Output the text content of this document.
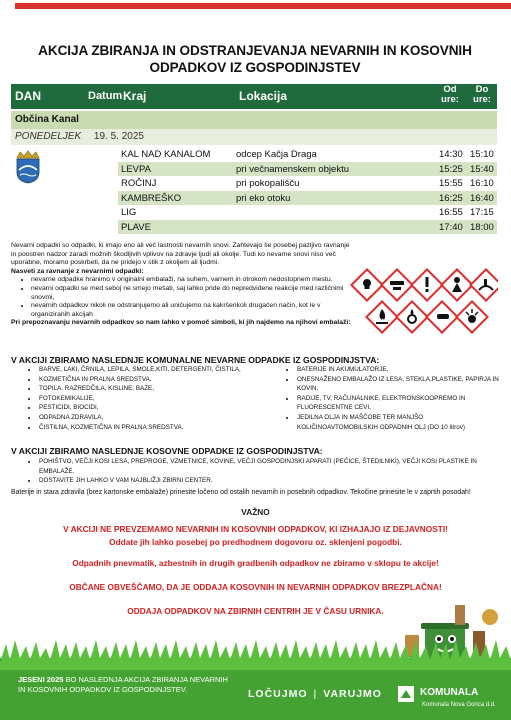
AKCIJA ZBIRANJA IN ODSTRANJEVANJA NEVARNIH IN KOSOVNIH
ODPADKOV IZ GOSPODINJSTEV
DAN	Datum Kraj	Lokacija	Od
ure:
Do
ure:
Občina Kanal
PONEDELJEK 19. 5. 2025
KAL NAD KANALOM	odcep Kačja Draga	14:30 15:10
LEVPA	pri večnamenskem objektu	15:25 15:40
ROČINJ	pri pokopališču	15:55 16:10
KAMBREŠKO	pri eko otoku	16:25 16:40
LIG	16:55 17:15
PLAVE	17:40 18:00

Nevarni odpadki so odpadki, ki imajo eno ali več lastnosti nevarnih snovi. Zahtevajo še posebej pazljivo ravnanje in poostren nadzor zaradi možnih škodljivih vplivov na zdravje ljudi ali okolje. Tudi ko nevarne snovi niso več uporabne, moramo poskrbeti, da ne pridejo v stik z okoljem ali ljudmi.

Nasveti za ravnanje z nevarnimi odpadki:

• nevarne odpadke hranimo v originalni embalaži, na suhem, varnem in otrokom nedostopnem mestu.
• nevarni odpadki se med seboj ne smejo mešati, saj lahko pride do nepredvidene reakcije med različnimi snovmi,
• nevarnih odpadkov nikoli ne odstranjujemo ali uničujemo na kakršenkoli drugačen način, kot le v organiziranih akcijah

Pri prepoznavanju nevarnih odpadkov so nam lahko v pomoč simboli, ki jih najdemo na njihovi embalaži:

V AKCIJI ZBIRAMO NASLEDNJE KOMUNALNE NEVARNE ODPADKE IZ GOSPODINJSTVA:
• BARVE, LAKI, ČRNILA, LEPILA, SMOLE,KITI, DETERGENTI, ČISTILA,
• KOZMETIČNA IN PRALNA SREDSTVA,
• TOPILA, RAZREDČILA, KISLINE, BAZE,
• FOTOKEMIKALIJE,
• PESTICIDI, BIOCIDI,
• ODPADNA ZDRAVILA,
• ČISTILNA, KOZMETIČNA IN PRALNA SREDSTVA,
• BATERIJE IN AKUMULATORJE,
• ONESNAŽENO EMBALAŽO IZ LESA, STEKLA,PLASTIKE, PAPIRJA IN KOVIN,
• RADIJE, TV, RAČUNALNIKE, ELEKTRONSKOOPREMO IN FLUORESCENTNE CEVI,
• JEDILNA OLJA IN MAŠČOBE TER MANJŠO KOLIČINOAVTOMOBILSKIH ODPADNIH OLJ (DO 10 litrov)
V AKCIJI ZBIRAMO NASLEDNJE KOSOVNE ODPADKE IZ GOSPODINJSTVA:
• POHIŠTVO, VEČJI KOSI LESA, PREPROGE, VZMETNICE, KOVINE, VEČJI GOSPODINJSKI APARATI (PEČICE, ŠTEDILNIKI), VEČJI KOSI PLASTIKE IN EMBALAŽE.
• DOSTAVITE JIH LAHKO V VAM NAJBLIŽJI ZBIRNI CENTER.
Baterije in stara zdravila (brez kartonske embalaže) prinesite ločeno od ostalih nevarnih in posebnih odpadkov. Tekočine prinesite le v zaprtih posodah!
VAŽNO
V AKCIJI NE PREVZEMAMO NEVARNIH IN KOSOVNIH ODPADKOV, KI IZHAJAJO IZ DEJAVNOSTI!
Oddate jih lahko posebej po predhodnem dogovoru oz. sklenjeni pogodbi.
Odpadnih pnevmatik, azbestnih in drugih gradbenih odpadkov ne zbiramo v sklopu te akcije!
OBČANE OBVEŠČAMO, DA JE ODDAJA KOSOVNIH IN NEVARNIH ODPADKOV BREZPLAČNA!
ODDAJA ODPADKOV NA ZBIRNIH CENTRIH JE V ČASU URNIKA.
JESENI 2025 BO NASLEDNJA AKCIJA ZBIRANJA NEVARNIH IN KOSOVNIH ODPADKOV IZ GOSPODINJSTEV.	LOČUJMO | VARUJMO	KOMUNALA
Komunala Nova Gorica d.d.
